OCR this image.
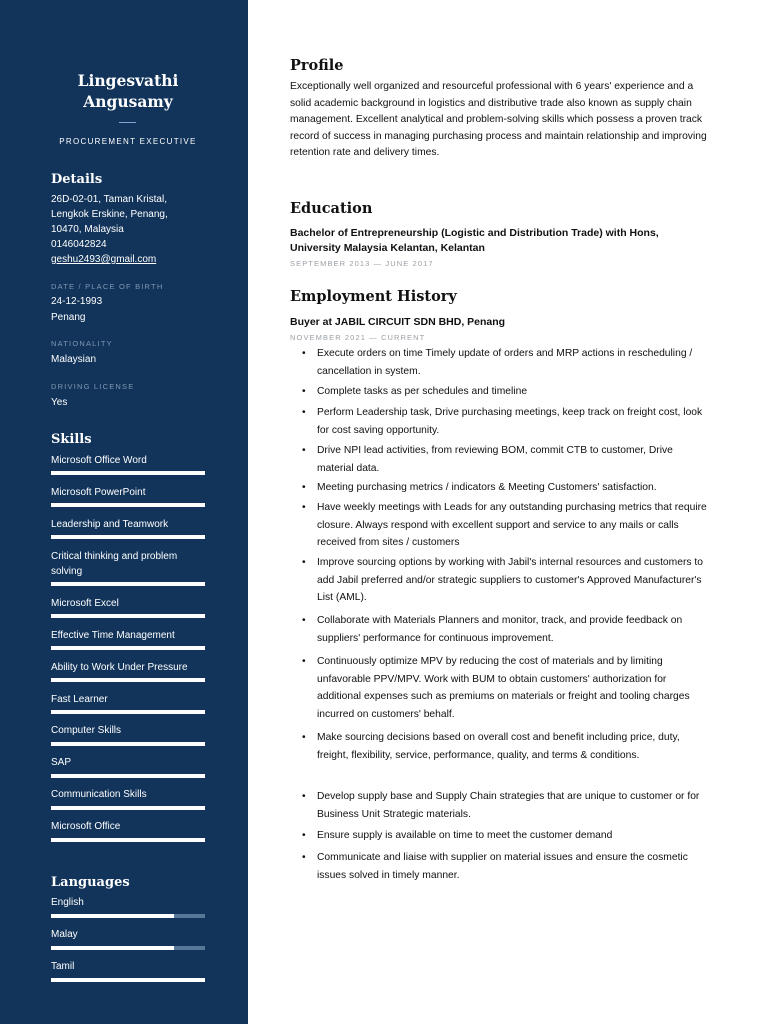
Lingesvathi
Angusamy
PROCUREMENT EXECUTIVE
Details
26D-02-01, Taman Kristal,
Lengkok Erskine, Penang,
10470, Malaysia
0146042824
geshu2493@gmail.com
DATE / PLACE OF BIRTH
24-12-1993
Penang
NATIONALITY
Malaysian
DRIVING LICENSE
Yes
Skills
Microsoft Office Word
Microsoft PowerPoint
Leadership and Teamwork
Critical thinking and problem solving
Microsoft Excel
Effective Time Management
Ability to Work Under Pressure
Fast Learner
Computer Skills
SAP
Communication Skills
Microsoft Office
Languages
English
Malay
Tamil
Profile
Exceptionally well organized and resourceful professional with 6 years' experience and a solid academic background in logistics and distributive trade also known as supply chain management. Excellent analytical and problem-solving skills which possess a proven track record of success in managing purchasing process and maintain relationship and improving retention rate and delivery times.
Education
Bachelor of Entrepreneurship (Logistic and Distribution Trade) with Hons, University Malaysia Kelantan, Kelantan
SEPTEMBER 2013 — JUNE 2017
Employment History
Buyer at JABIL CIRCUIT SDN BHD, Penang
NOVEMBER 2021 — CURRENT
• Execute orders on time Timely update of orders and MRP actions in rescheduling / cancellation in system.
• Complete tasks as per schedules and timeline
• Perform Leadership task, Drive purchasing meetings, keep track on freight cost, look for cost saving opportunity.
• Drive NPI lead activities, from reviewing BOM, commit CTB to customer, Drive material data.
• Meeting purchasing metrics / indicators & Meeting Customers' satisfaction.
• Have weekly meetings with Leads for any outstanding purchasing metrics that require closure. Always respond with excellent support and service to any mails or calls received from sites / customers
• Improve sourcing options by working with Jabil's internal resources and customers to add Jabil preferred and/or strategic suppliers to customer's Approved Manufacturer's List (AML).
• Collaborate with Materials Planners and monitor, track, and provide feedback on suppliers' performance for continuous improvement.
• Continuously optimize MPV by reducing the cost of materials and by limiting unfavorable PPV/MPV. Work with BUM to obtain customers' authorization for additional expenses such as premiums on materials or freight and tooling charges incurred on customers' behalf.
• Make sourcing decisions based on overall cost and benefit including price, duty, freight, flexibility, service, performance, quality, and terms & conditions.
• Develop supply base and Supply Chain strategies that are unique to customer or for Business Unit Strategic materials.
• Ensure supply is available on time to meet the customer demand
• Communicate and liaise with supplier on material issues and ensure the cosmetic issues solved in timely manner.
